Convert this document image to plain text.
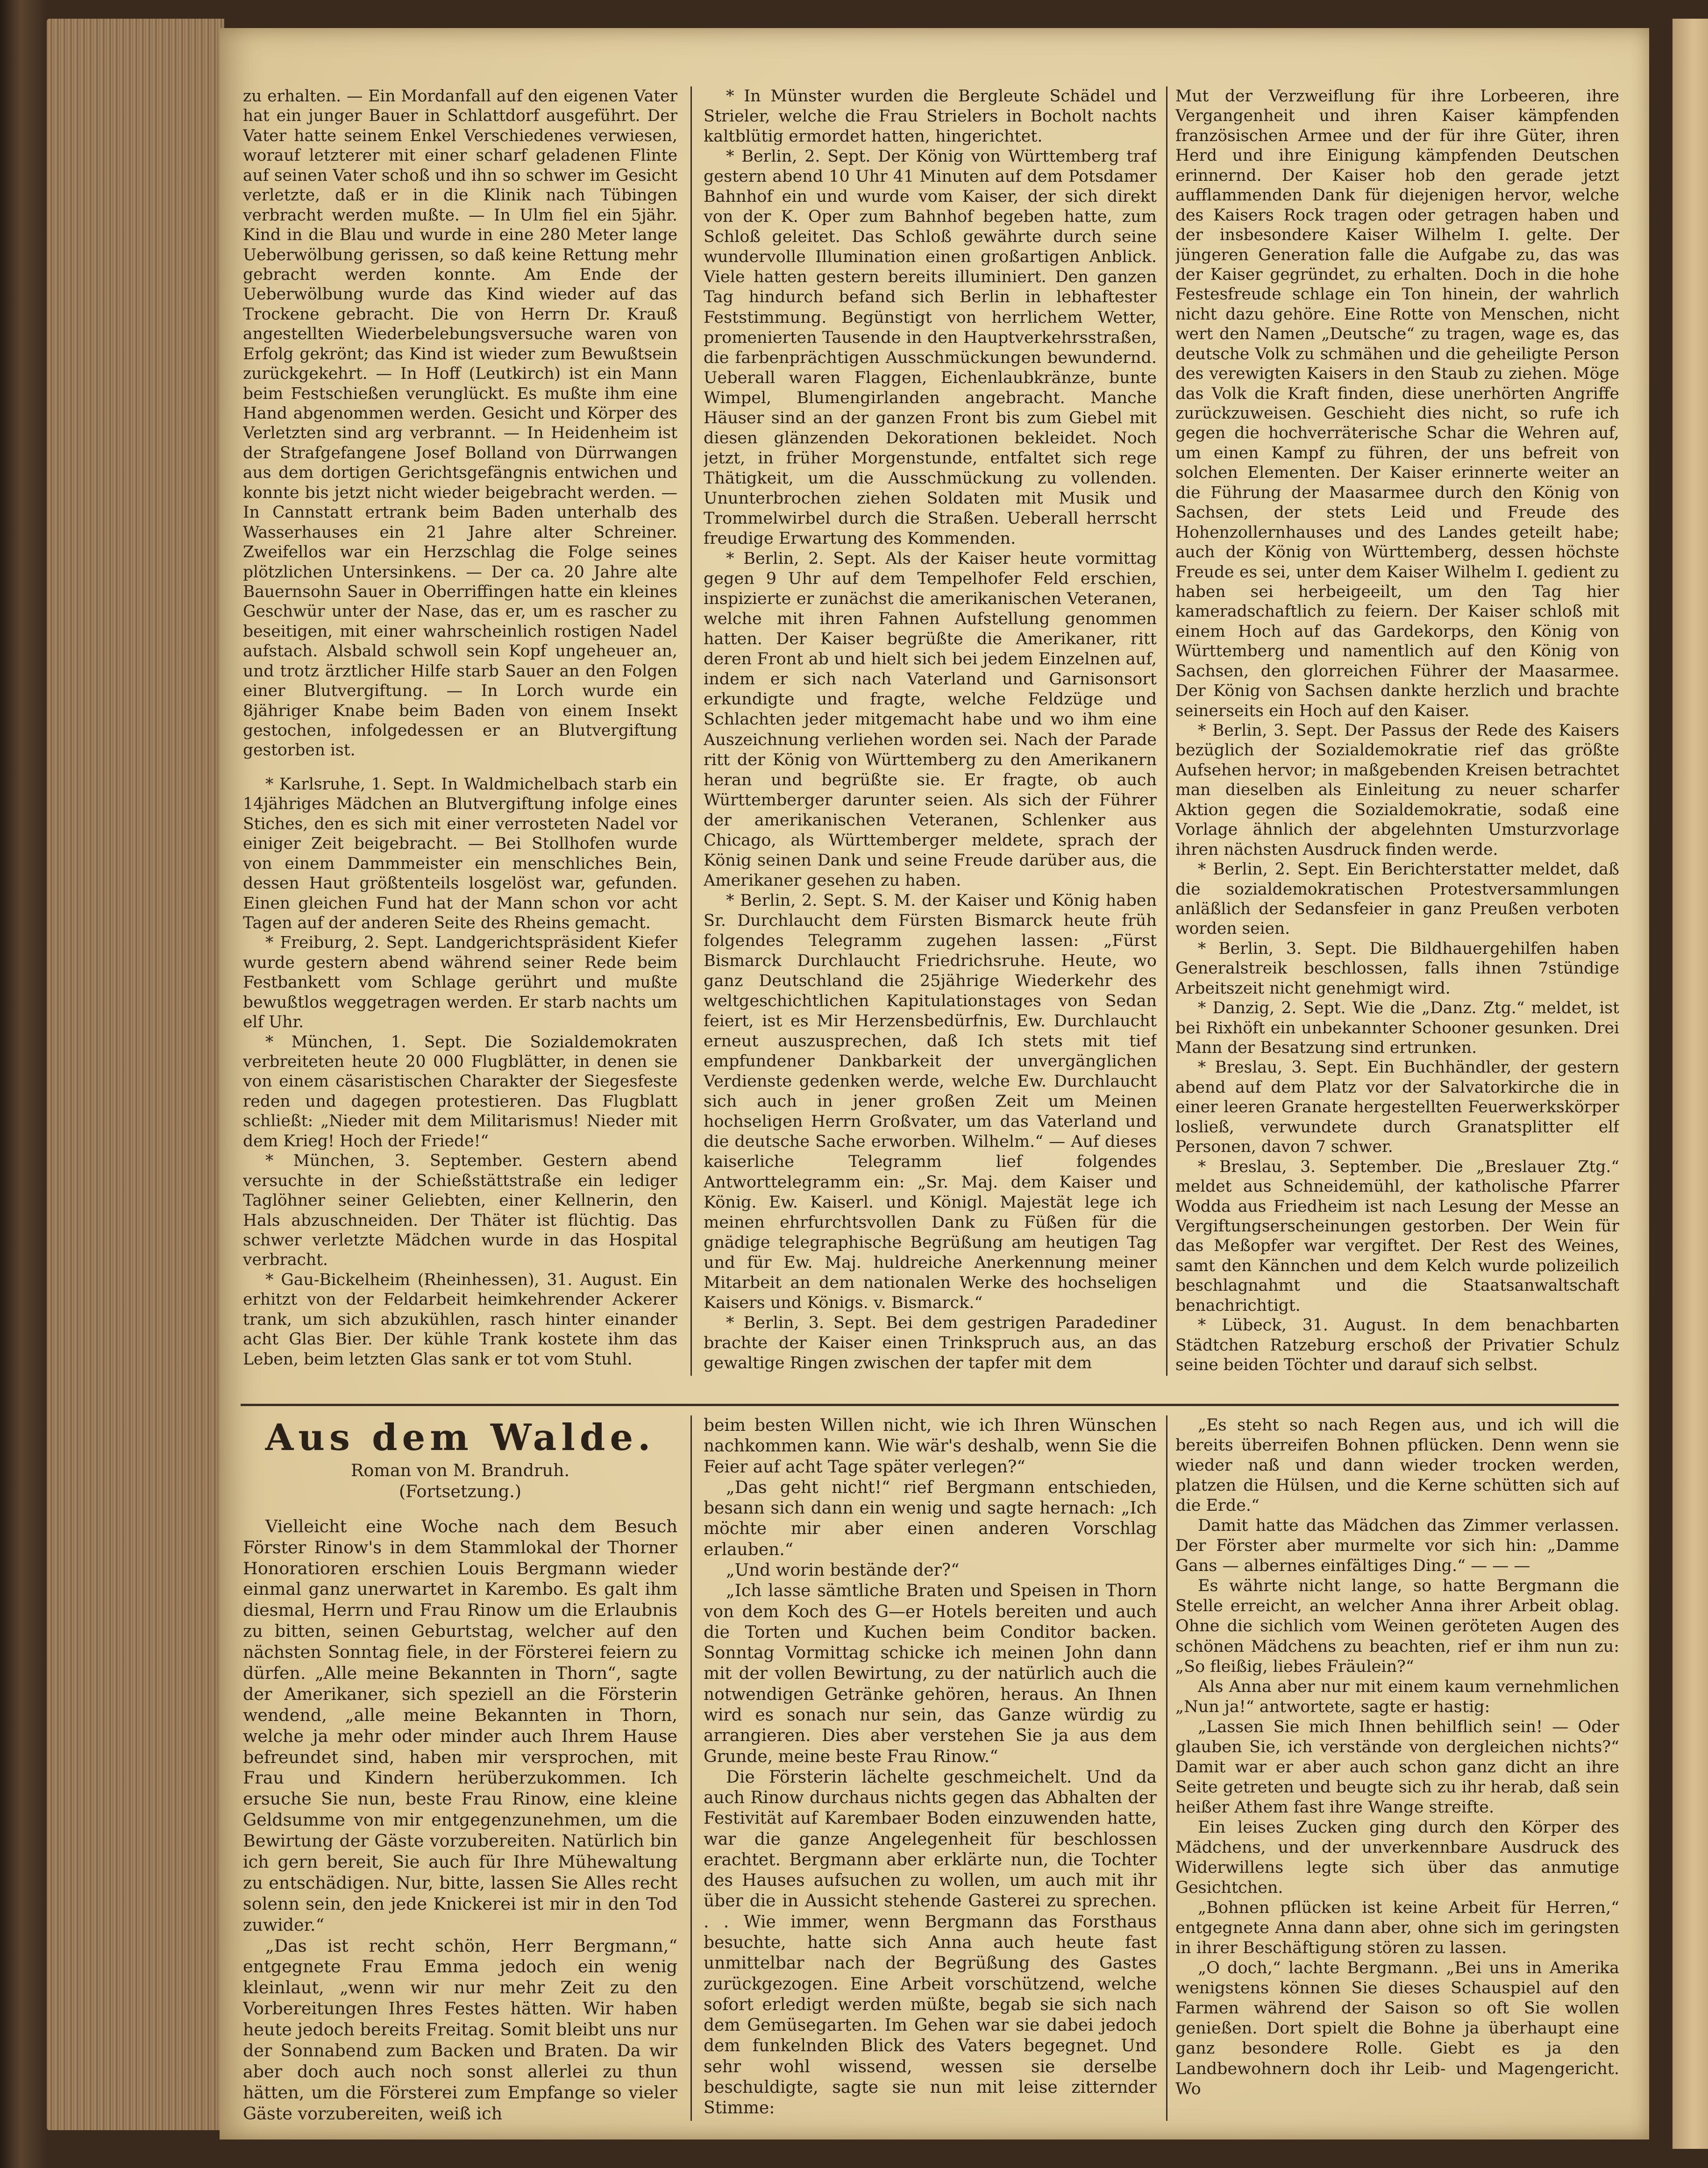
zu erhalten. — Ein Mordanfall auf den eigenen Vater hat ein junger Bauer in Schlattdorf ausgeführt. Der Vater hatte seinem Enkel Verschiedenes verwiesen, worauf letzterer mit einer scharf geladenen Flinte auf seinen Vater schoß und ihn so schwer im Gesicht verletzte, daß er in die Klinik nach Tübingen verbracht werden mußte. — In Ulm fiel ein 5jähr. Kind in die Blau und wurde in eine 280 Meter lange Ueberwölbung gerissen, so daß keine Rettung mehr gebracht werden konnte. Am Ende der Ueberwölbung wurde das Kind wieder auf das Trockene gebracht. Die von Herrn Dr. Krauß angestellten Wiederbelebungsversuche waren von Erfolg gekrönt; das Kind ist wieder zum Bewußtsein zurückgekehrt. — In Hoff (Leutkirch) ist ein Mann beim Festschießen verunglückt. Es mußte ihm eine Hand abgenommen werden. Gesicht und Körper des Verletzten sind arg verbrannt. — In Heidenheim ist der Strafgefangene Josef Bolland von Dürrwangen aus dem dortigen Gerichtsgefängnis entwichen und konnte bis jetzt nicht wieder beigebracht werden. — In Cannstatt ertrank beim Baden unterhalb des Wasserhauses ein 21 Jahre alter Schreiner. Zweifellos war ein Herzschlag die Folge seines plötzlichen Untersinkens. — Der ca. 20 Jahre alte Bauernsohn Sauer in Oberriffingen hatte ein kleines Geschwür unter der Nase, das er, um es rascher zu beseitigen, mit einer wahrscheinlich rostigen Nadel aufstach. Alsbald schwoll sein Kopf ungeheuer an, und trotz ärztlicher Hilfe starb Sauer an den Folgen einer Blutvergiftung. — In Lorch wurde ein 8jähriger Knabe beim Baden von einem Insekt gestochen, infolgedessen er an Blutvergiftung gestorben ist.

* Karlsruhe, 1. Sept. In Waldmichelbach starb ein 14jähriges Mädchen an Blutvergiftung infolge eines Stiches, den es sich mit einer verrosteten Nadel vor einiger Zeit beigebracht. — Bei Stollhofen wurde von einem Dammmeister ein menschliches Bein, dessen Haut größtenteils losgelöst war, gefunden. Einen gleichen Fund hat der Mann schon vor acht Tagen auf der anderen Seite des Rheins gemacht.

* Freiburg, 2. Sept. Landgerichtspräsident Kiefer wurde gestern abend während seiner Rede beim Festbankett vom Schlage gerührt und mußte bewußtlos weggetragen werden. Er starb nachts um elf Uhr.

* München, 1. Sept. Die Sozialdemokraten verbreiteten heute 20 000 Flugblätter, in denen sie von einem cäsaristischen Charakter der Siegesfeste reden und dagegen protestieren. Das Flugblatt schließt: „Nieder mit dem Militarismus! Nieder mit dem Krieg! Hoch der Friede!“

* München, 3. September. Gestern abend versuchte in der Schießstättstraße ein lediger Taglöhner seiner Geliebten, einer Kellnerin, den Hals abzuschneiden. Der Thäter ist flüchtig. Das schwer verletzte Mädchen wurde in das Hospital verbracht.

* Gau-Bickelheim (Rheinhessen), 31. August. Ein erhitzt von der Feldarbeit heimkehrender Ackerer trank, um sich abzukühlen, rasch hinter einander acht Glas Bier. Der kühle Trank kostete ihm das Leben, beim letzten Glas sank er tot vom Stuhl.

* In Münster wurden die Bergleute Schädel und Strieler, welche die Frau Strielers in Bocholt nachts kaltblütig ermordet hatten, hingerichtet.

* Berlin, 2. Sept. Der König von Württemberg traf gestern abend 10 Uhr 41 Minuten auf dem Potsdamer Bahnhof ein und wurde vom Kaiser, der sich direkt von der K. Oper zum Bahnhof begeben hatte, zum Schloß geleitet. Das Schloß gewährte durch seine wundervolle Illumination einen großartigen Anblick. Viele hatten gestern bereits illuminiert. Den ganzen Tag hindurch befand sich Berlin in lebhaftester Feststimmung. Begünstigt von herrlichem Wetter, promenierten Tausende in den Hauptverkehrsstraßen, die farbenprächtigen Ausschmückungen bewundernd. Ueberall waren Flaggen, Eichenlaubkränze, bunte Wimpel, Blumengirlanden angebracht. Manche Häuser sind an der ganzen Front bis zum Giebel mit diesen glänzenden Dekorationen bekleidet. Noch jetzt, in früher Morgenstunde, entfaltet sich rege Thätigkeit, um die Ausschmückung zu vollenden. Ununterbrochen ziehen Soldaten mit Musik und Trommelwirbel durch die Straßen. Ueberall herrscht freudige Erwartung des Kommenden.

* Berlin, 2. Sept. Als der Kaiser heute vormittag gegen 9 Uhr auf dem Tempelhofer Feld erschien, inspizierte er zunächst die amerikanischen Veteranen, welche mit ihren Fahnen Aufstellung genommen hatten. Der Kaiser begrüßte die Amerikaner, ritt deren Front ab und hielt sich bei jedem Einzelnen auf, indem er sich nach Vaterland und Garnisonsort erkundigte und fragte, welche Feldzüge und Schlachten jeder mitgemacht habe und wo ihm eine Auszeichnung verliehen worden sei. Nach der Parade ritt der König von Württemberg zu den Amerikanern heran und begrüßte sie. Er fragte, ob auch Württemberger darunter seien. Als sich der Führer der amerikanischen Veteranen, Schlenker aus Chicago, als Württemberger meldete, sprach der König seinen Dank und seine Freude darüber aus, die Amerikaner gesehen zu haben.

* Berlin, 2. Sept. S. M. der Kaiser und König haben Sr. Durchlaucht dem Fürsten Bismarck heute früh folgendes Telegramm zugehen lassen: „Fürst Bismarck Durchlaucht Friedrichsruhe. Heute, wo ganz Deutschland die 25jährige Wiederkehr des weltgeschichtlichen Kapitulationstages von Sedan feiert, ist es Mir Herzensbedürfnis, Ew. Durchlaucht erneut auszusprechen, daß Ich stets mit tief empfundener Dankbarkeit der unvergänglichen Verdienste gedenken werde, welche Ew. Durchlaucht sich auch in jener großen Zeit um Meinen hochseligen Herrn Großvater, um das Vaterland und die deutsche Sache erworben. Wilhelm.“ — Auf dieses kaiserliche Telegramm lief folgendes Antworttelegramm ein: „Sr. Maj. dem Kaiser und König. Ew. Kaiserl. und Königl. Majestät lege ich meinen ehrfurchtsvollen Dank zu Füßen für die gnädige telegraphische Begrüßung am heutigen Tag und für Ew. Maj. huldreiche Anerkennung meiner Mitarbeit an dem nationalen Werke des hochseligen Kaisers und Königs. v. Bismarck.“

* Berlin, 3. Sept. Bei dem gestrigen Paradediner brachte der Kaiser einen Trinkspruch aus, an das gewaltige Ringen zwischen der tapfer mit dem

Mut der Verzweiflung für ihre Lorbeeren, ihre Vergangenheit und ihren Kaiser kämpfenden französischen Armee und der für ihre Güter, ihren Herd und ihre Einigung kämpfenden Deutschen erinnernd. Der Kaiser hob den gerade jetzt aufflammenden Dank für diejenigen hervor, welche des Kaisers Rock tragen oder getragen haben und der insbesondere Kaiser Wilhelm I. gelte. Der jüngeren Generation falle die Aufgabe zu, das was der Kaiser gegründet, zu erhalten. Doch in die hohe Festesfreude schlage ein Ton hinein, der wahrlich nicht dazu gehöre. Eine Rotte von Menschen, nicht wert den Namen „Deutsche“ zu tragen, wage es, das deutsche Volk zu schmähen und die geheiligte Person des verewigten Kaisers in den Staub zu ziehen. Möge das Volk die Kraft finden, diese unerhörten Angriffe zurückzuweisen. Geschieht dies nicht, so rufe ich gegen die hochverräterische Schar die Wehren auf, um einen Kampf zu führen, der uns befreit von solchen Elementen. Der Kaiser erinnerte weiter an die Führung der Maasarmee durch den König von Sachsen, der stets Leid und Freude des Hohenzollernhauses und des Landes geteilt habe; auch der König von Württemberg, dessen höchste Freude es sei, unter dem Kaiser Wilhelm I. gedient zu haben sei herbeigeeilt, um den Tag hier kameradschaftlich zu feiern. Der Kaiser schloß mit einem Hoch auf das Gardekorps, den König von Württemberg und namentlich auf den König von Sachsen, den glorreichen Führer der Maasarmee. Der König von Sachsen dankte herzlich und brachte seinerseits ein Hoch auf den Kaiser.

* Berlin, 3. Sept. Der Passus der Rede des Kaisers bezüglich der Sozialdemokratie rief das größte Aufsehen hervor; in maßgebenden Kreisen betrachtet man dieselben als Einleitung zu neuer scharfer Aktion gegen die Sozialdemokratie, sodaß eine Vorlage ähnlich der abgelehnten Umsturzvorlage ihren nächsten Ausdruck finden werde.

* Berlin, 2. Sept. Ein Berichterstatter meldet, daß die sozialdemokratischen Protestversammlungen anläßlich der Sedansfeier in ganz Preußen verboten worden seien.

* Berlin, 3. Sept. Die Bildhauergehilfen haben Generalstreik beschlossen, falls ihnen 7stündige Arbeitszeit nicht genehmigt wird.

* Danzig, 2. Sept. Wie die „Danz. Ztg.“ meldet, ist bei Rixhöft ein unbekannter Schooner gesunken. Drei Mann der Besatzung sind ertrunken.

* Breslau, 3. Sept. Ein Buchhändler, der gestern abend auf dem Platz vor der Salvatorkirche die in einer leeren Granate hergestellten Feuerwerkskörper losließ, verwundete durch Granatsplitter elf Personen, davon 7 schwer.

* Breslau, 3. September. Die „Breslauer Ztg.“ meldet aus Schneidemühl, der katholische Pfarrer Wodda aus Friedheim ist nach Lesung der Messe an Vergiftungserscheinungen gestorben. Der Wein für das Meßopfer war vergiftet. Der Rest des Weines, samt den Kännchen und dem Kelch wurde polizeilich beschlagnahmt und die Staatsanwaltschaft benachrichtigt.

* Lübeck, 31. August. In dem benachbarten Städtchen Ratzeburg erschoß der Privatier Schulz seine beiden Töchter und darauf sich selbst.

Aus dem Walde.

Roman von M. Brandruh.

(Fortsetzung.)

Vielleicht eine Woche nach dem Besuch Förster Rinow's in dem Stammlokal der Thorner Honoratioren erschien Louis Bergmann wieder einmal ganz unerwartet in Karembo. Es galt ihm diesmal, Herrn und Frau Rinow um die Erlaubnis zu bitten, seinen Geburtstag, welcher auf den nächsten Sonntag fiele, in der Försterei feiern zu dürfen. „Alle meine Bekannten in Thorn“, sagte der Amerikaner, sich speziell an die Försterin wendend, „alle meine Bekannten in Thorn, welche ja mehr oder minder auch Ihrem Hause befreundet sind, haben mir versprochen, mit Frau und Kindern herüberzukommen. Ich ersuche Sie nun, beste Frau Rinow, eine kleine Geldsumme von mir entgegenzunehmen, um die Bewirtung der Gäste vorzubereiten. Natürlich bin ich gern bereit, Sie auch für Ihre Mühewaltung zu entschädigen. Nur, bitte, lassen Sie Alles recht solenn sein, den jede Knickerei ist mir in den Tod zuwider.“

„Das ist recht schön, Herr Bergmann,“ entgegnete Frau Emma jedoch ein wenig kleinlaut, „wenn wir nur mehr Zeit zu den Vorbereitungen Ihres Festes hätten. Wir haben heute jedoch bereits Freitag. Somit bleibt uns nur der Sonnabend zum Backen und Braten. Da wir aber doch auch noch sonst allerlei zu thun hätten, um die Försterei zum Empfange so vieler Gäste vorzubereiten, weiß ich

beim besten Willen nicht, wie ich Ihren Wünschen nachkommen kann. Wie wär's deshalb, wenn Sie die Feier auf acht Tage später verlegen?“

„Das geht nicht!“ rief Bergmann entschieden, besann sich dann ein wenig und sagte hernach: „Ich möchte mir aber einen anderen Vorschlag erlauben.“

„Und worin bestände der?“

„Ich lasse sämtliche Braten und Speisen in Thorn von dem Koch des G—er Hotels bereiten und auch die Torten und Kuchen beim Conditor backen. Sonntag Vormittag schicke ich meinen John dann mit der vollen Bewirtung, zu der natürlich auch die notwendigen Getränke gehören, heraus. An Ihnen wird es sonach nur sein, das Ganze würdig zu arrangieren. Dies aber verstehen Sie ja aus dem Grunde, meine beste Frau Rinow.“

Die Försterin lächelte geschmeichelt. Und da auch Rinow durchaus nichts gegen das Abhalten der Festivität auf Karembaer Boden einzuwenden hatte, war die ganze Angelegenheit für beschlossen erachtet. Bergmann aber erklärte nun, die Tochter des Hauses aufsuchen zu wollen, um auch mit ihr über die in Aussicht stehende Gasterei zu sprechen. . . Wie immer, wenn Bergmann das Forsthaus besuchte, hatte sich Anna auch heute fast unmittelbar nach der Begrüßung des Gastes zurückgezogen. Eine Arbeit vorschützend, welche sofort erledigt werden müßte, begab sie sich nach dem Gemüsegarten. Im Gehen war sie dabei jedoch dem funkelnden Blick des Vaters begegnet. Und sehr wohl wissend, wessen sie derselbe beschuldigte, sagte sie nun mit leise zitternder Stimme:

„Es steht so nach Regen aus, und ich will die bereits überreifen Bohnen pflücken. Denn wenn sie wieder naß und dann wieder trocken werden, platzen die Hülsen, und die Kerne schütten sich auf die Erde.“

Damit hatte das Mädchen das Zimmer verlassen. Der Förster aber murmelte vor sich hin: „Damme Gans — albernes einfältiges Ding.“ — — —

Es währte nicht lange, so hatte Bergmann die Stelle erreicht, an welcher Anna ihrer Arbeit oblag. Ohne die sichlich vom Weinen geröteten Augen des schönen Mädchens zu beachten, rief er ihm nun zu: „So fleißig, liebes Fräulein?“

Als Anna aber nur mit einem kaum vernehmlichen „Nun ja!“ antwortete, sagte er hastig:

„Lassen Sie mich Ihnen behilflich sein! — Oder glauben Sie, ich verstände von dergleichen nichts?“ Damit war er aber auch schon ganz dicht an ihre Seite getreten und beugte sich zu ihr herab, daß sein heißer Athem fast ihre Wange streifte.

Ein leises Zucken ging durch den Körper des Mädchens, und der unverkennbare Ausdruck des Widerwillens legte sich über das anmutige Gesichtchen.

„Bohnen pflücken ist keine Arbeit für Herren,“ entgegnete Anna dann aber, ohne sich im geringsten in ihrer Beschäftigung stören zu lassen.

„O doch,“ lachte Bergmann. „Bei uns in Amerika wenigstens können Sie dieses Schauspiel auf den Farmen während der Saison so oft Sie wollen genießen. Dort spielt die Bohne ja überhaupt eine ganz besondere Rolle. Giebt es ja den Landbewohnern doch ihr Leib- und Magengericht. Wo
